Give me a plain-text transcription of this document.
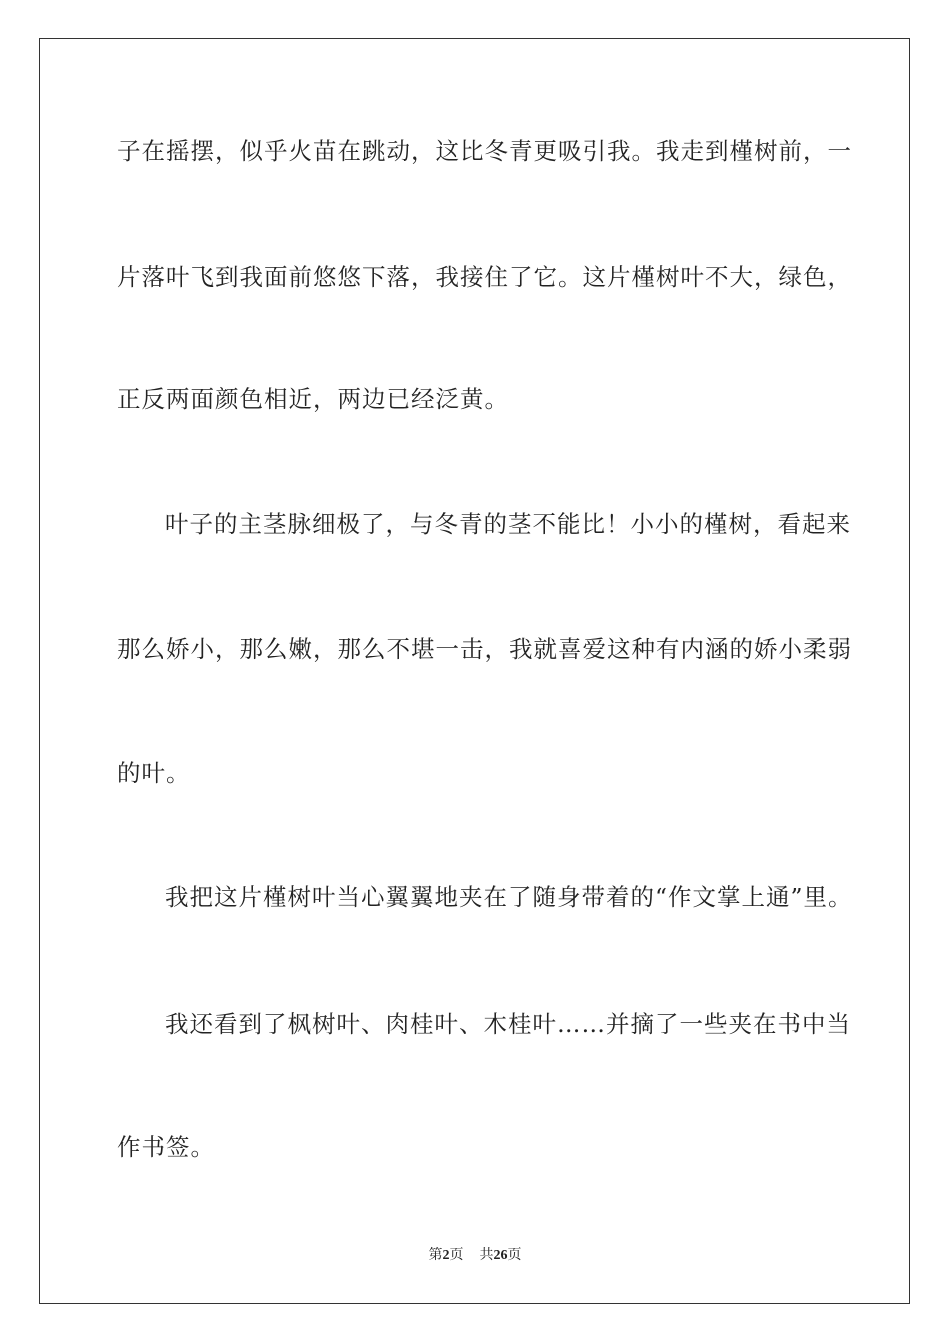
子在摇摆，似乎火苗在跳动，这比冬青更吸引我。我走到槿树前，一
片落叶飞到我面前悠悠下落，我接住了它。这片槿树叶不大，绿色，
正反两面颜色相近，两边已经泛黄。
叶子的主茎脉细极了，与冬青的茎不能比！小小的槿树，看起来
那么娇小，那么嫩，那么不堪一击，我就喜爱这种有内涵的娇小柔弱
的叶。
我把这片槿树叶当心翼翼地夹在了随身带着的“作文掌上通”里。
我还看到了枫树叶、肉桂叶、木桂叶……并摘了一些夹在书中当
作书签。
第2页 共26页
